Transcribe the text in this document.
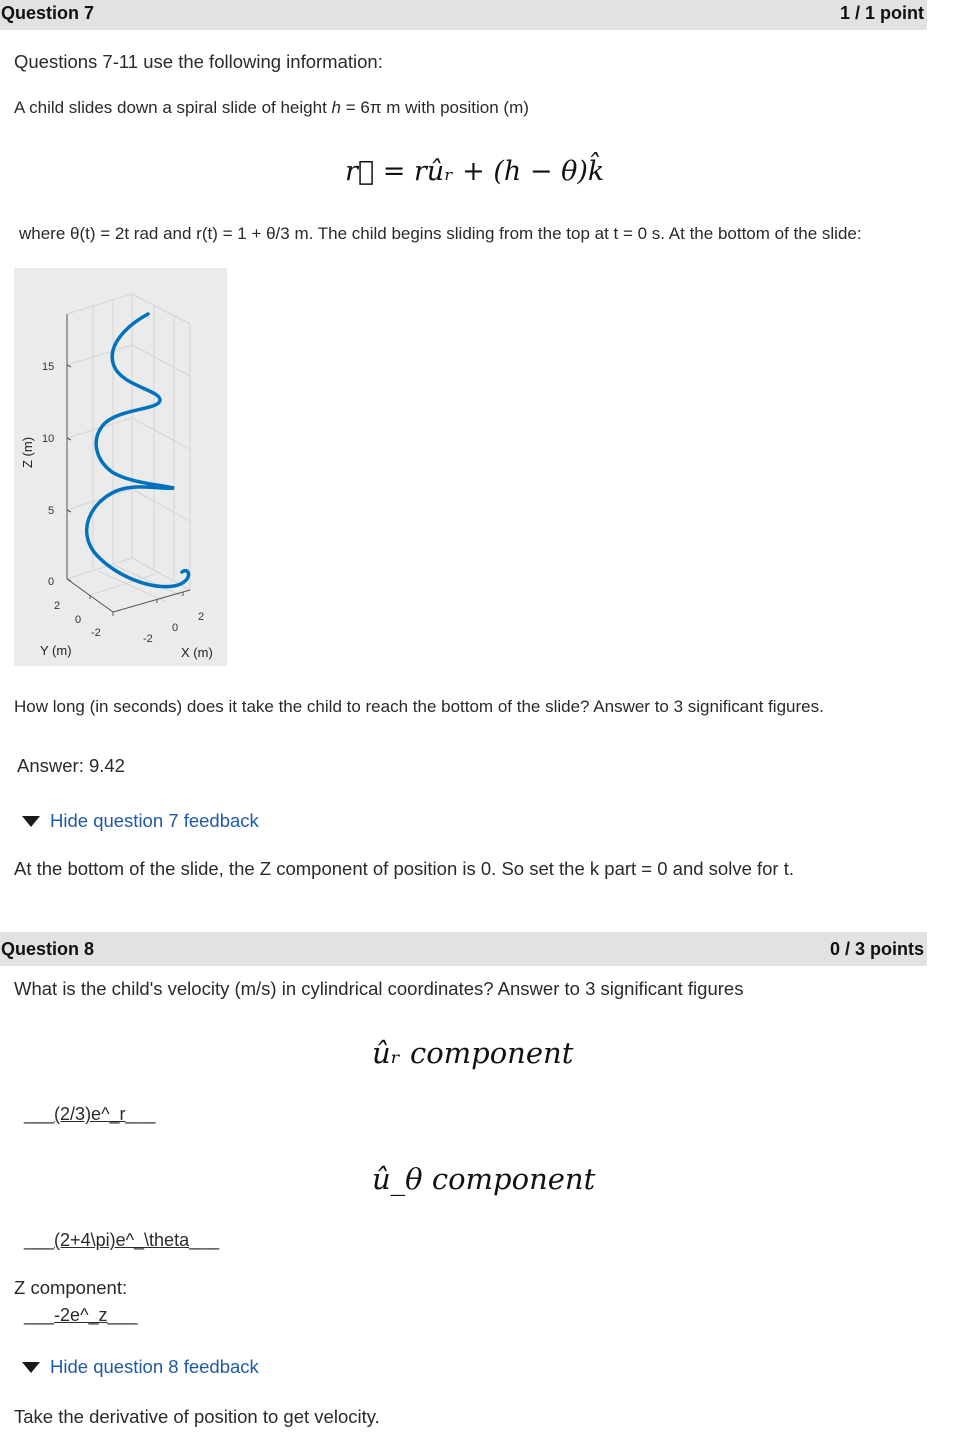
Question 7	1 / 1 point
Questions 7-11 use the following information:
A child slides down a spiral slide of height h = 6π m with position (m)
r⃗ = rûᵣ + (h − θ)k̂
where θ(t) = 2t rad and r(t) = 1 + θ/3 m. The child begins sliding from the top at t = 0 s. At the bottom of the slide:
15
10
5
0
2
0
-2	-2
0
2
Z (m)
Y (m)	X (m)
How long (in seconds) does it take the child to reach the bottom of the slide? Answer to 3 significant figures.
Answer: 9.42
Hide question 7 feedback
At the bottom of the slide, the Z component of position is 0. So set the k part = 0 and solve for t.
Question 8	0 / 3 points
What is the child's velocity (m/s) in cylindrical coordinates? Answer to 3 significant figures
ûᵣ component
___(2/3)e^_r___
û_θ component
___(2+4\pi)e^_\theta___
Z component:
___-2e^_z___
Hide question 8 feedback
Take the derivative of position to get velocity.
